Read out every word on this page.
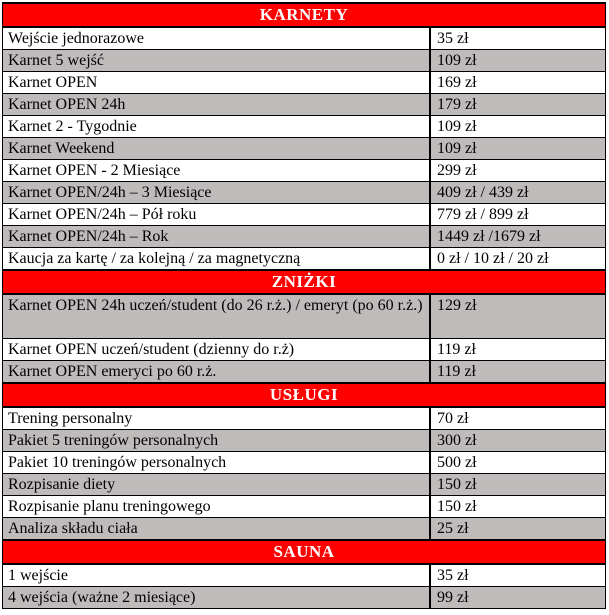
KARNETY
Wejście jednorazowe	35 zł
Karnet 5 wejść	109 zł
Karnet OPEN	169 zł
Karnet OPEN 24h	179 zł
Karnet 2 - Tygodnie	109 zł
Karnet Weekend	109 zł
Karnet OPEN - 2 Miesiące	299 zł
Karnet OPEN/24h – 3 Miesiące	409 zł / 439 zł
Karnet OPEN/24h – Pół roku	779 zł / 899 zł
Karnet OPEN/24h – Rok	1449 zł /1679 zł
Kaucja za kartę / za kolejną / za magnetyczną	0 zł / 10 zł / 20 zł
ZNIŻKI
Karnet OPEN 24h uczeń/student (do 26 r.ż.) / emeryt (po 60 r.ż.) 129 zł
Karnet OPEN uczeń/student (dzienny do r.ż)	119 zł
Karnet OPEN emeryci po 60 r.ż.	119 zł
USŁUGI
Trening personalny	70 zł
Pakiet 5 treningów personalnych	300 zł
Pakiet 10 treningów personalnych	500 zł
Rozpisanie diety	150 zł
Rozpisanie planu treningowego	150 zł
Analiza składu ciała	25 zł
SAUNA
1 wejście	35 zł
4 wejścia (ważne 2 miesiące)	99 zł
